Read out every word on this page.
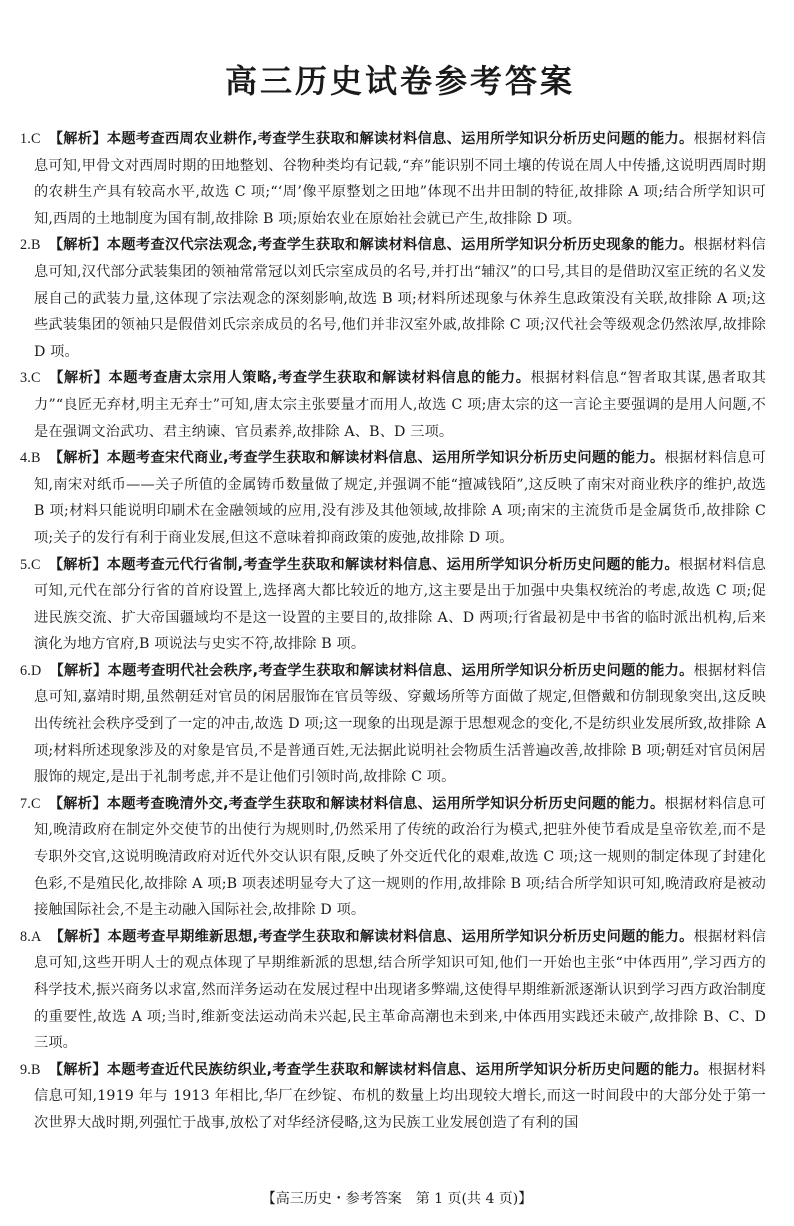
高三历史试卷参考答案
1.C 【解析】本题考查西周农业耕作,考查学生获取和解读材料信息、运用所学知识分析历史问题的能力。根据材料信息可知,甲骨文对西周时期的田地整划、谷物种类均有记载,“弃”能识别不同土壤的传说在周人中传播,这说明西周时期的农耕生产具有较高水平,故选 C 项;“‘周’像平原整划之田地”体现不出井田制的特征,故排除 A 项;结合所学知识可知,西周的土地制度为国有制,故排除 B 项;原始农业在原始社会就已产生,故排除 D 项。
2.B 【解析】本题考查汉代宗法观念,考查学生获取和解读材料信息、运用所学知识分析历史现象的能力。根据材料信息可知,汉代部分武装集团的领袖常常冠以刘氏宗室成员的名号,并打出“辅汉”的口号,其目的是借助汉室正统的名义发展自己的武装力量,这体现了宗法观念的深刻影响,故选 B 项;材料所述现象与休养生息政策没有关联,故排除 A 项;这些武装集团的领袖只是假借刘氏宗亲成员的名号,他们并非汉室外戚,故排除 C 项;汉代社会等级观念仍然浓厚,故排除 D 项。
3.C 【解析】本题考查唐太宗用人策略,考查学生获取和解读材料信息的能力。根据材料信息“智者取其谋,愚者取其力”“良匠无弃材,明主无弃士”可知,唐太宗主张要量才而用人,故选 C 项;唐太宗的这一言论主要强调的是用人问题,不是在强调文治武功、君主纳谏、官员素养,故排除 A、B、D 三项。
4.B 【解析】本题考查宋代商业,考查学生获取和解读材料信息、运用所学知识分析历史问题的能力。根据材料信息可知,南宋对纸币——关子所值的金属铸币数量做了规定,并强调不能“擅减钱陌”,这反映了南宋对商业秩序的维护,故选 B 项;材料只能说明印刷术在金融领域的应用,没有涉及其他领域,故排除 A 项;南宋的主流货币是金属货币,故排除 C 项;关子的发行有利于商业发展,但这不意味着抑商政策的废弛,故排除 D 项。
5.C 【解析】本题考查元代行省制,考查学生获取和解读材料信息、运用所学知识分析历史问题的能力。根据材料信息可知,元代在部分行省的首府设置上,选择离大都比较近的地方,这主要是出于加强中央集权统治的考虑,故选 C 项;促进民族交流、扩大帝国疆域均不是这一设置的主要目的,故排除 A、D 两项;行省最初是中书省的临时派出机构,后来演化为地方官府,B 项说法与史实不符,故排除 B 项。
6.D 【解析】本题考查明代社会秩序,考查学生获取和解读材料信息、运用所学知识分析历史问题的能力。根据材料信息可知,嘉靖时期,虽然朝廷对官员的闲居服饰在官员等级、穿戴场所等方面做了规定,但僭戴和仿制现象突出,这反映出传统社会秩序受到了一定的冲击,故选 D 项;这一现象的出现是源于思想观念的变化,不是纺织业发展所致,故排除 A 项;材料所述现象涉及的对象是官员,不是普通百姓,无法据此说明社会物质生活普遍改善,故排除 B 项;朝廷对官员闲居服饰的规定,是出于礼制考虑,并不是让他们引领时尚,故排除 C 项。
7.C 【解析】本题考查晚清外交,考查学生获取和解读材料信息、运用所学知识分析历史问题的能力。根据材料信息可知,晚清政府在制定外交使节的出使行为规则时,仍然采用了传统的政治行为模式,把驻外使节看成是皇帝钦差,而不是专职外交官,这说明晚清政府对近代外交认识有限,反映了外交近代化的艰难,故选 C 项;这一规则的制定体现了封建化色彩,不是殖民化,故排除 A 项;B 项表述明显夸大了这一规则的作用,故排除 B 项;结合所学知识可知,晚清政府是被动接触国际社会,不是主动融入国际社会,故排除 D 项。
8.A 【解析】本题考查早期维新思想,考查学生获取和解读材料信息、运用所学知识分析历史问题的能力。根据材料信息可知,这些开明人士的观点体现了早期维新派的思想,结合所学知识可知,他们一开始也主张“中体西用”,学习西方的科学技术,振兴商务以求富,然而洋务运动在发展过程中出现诸多弊端,这使得早期维新派逐渐认识到学习西方政治制度的重要性,故选 A 项;当时,维新变法运动尚未兴起,民主革命高潮也未到来,中体西用实践还未破产,故排除 B、C、D 三项。
9.B 【解析】本题考查近代民族纺织业,考查学生获取和解读材料信息、运用所学知识分析历史问题的能力。根据材料信息可知,1919 年与 1913 年相比,华厂在纱锭、布机的数量上均出现较大增长,而这一时间段中的大部分处于第一次世界大战时期,列强忙于战事,放松了对华经济侵略,这为民族工业发展创造了有利的国
【高三历史・参考答案　第 1 页(共 4 页)】
